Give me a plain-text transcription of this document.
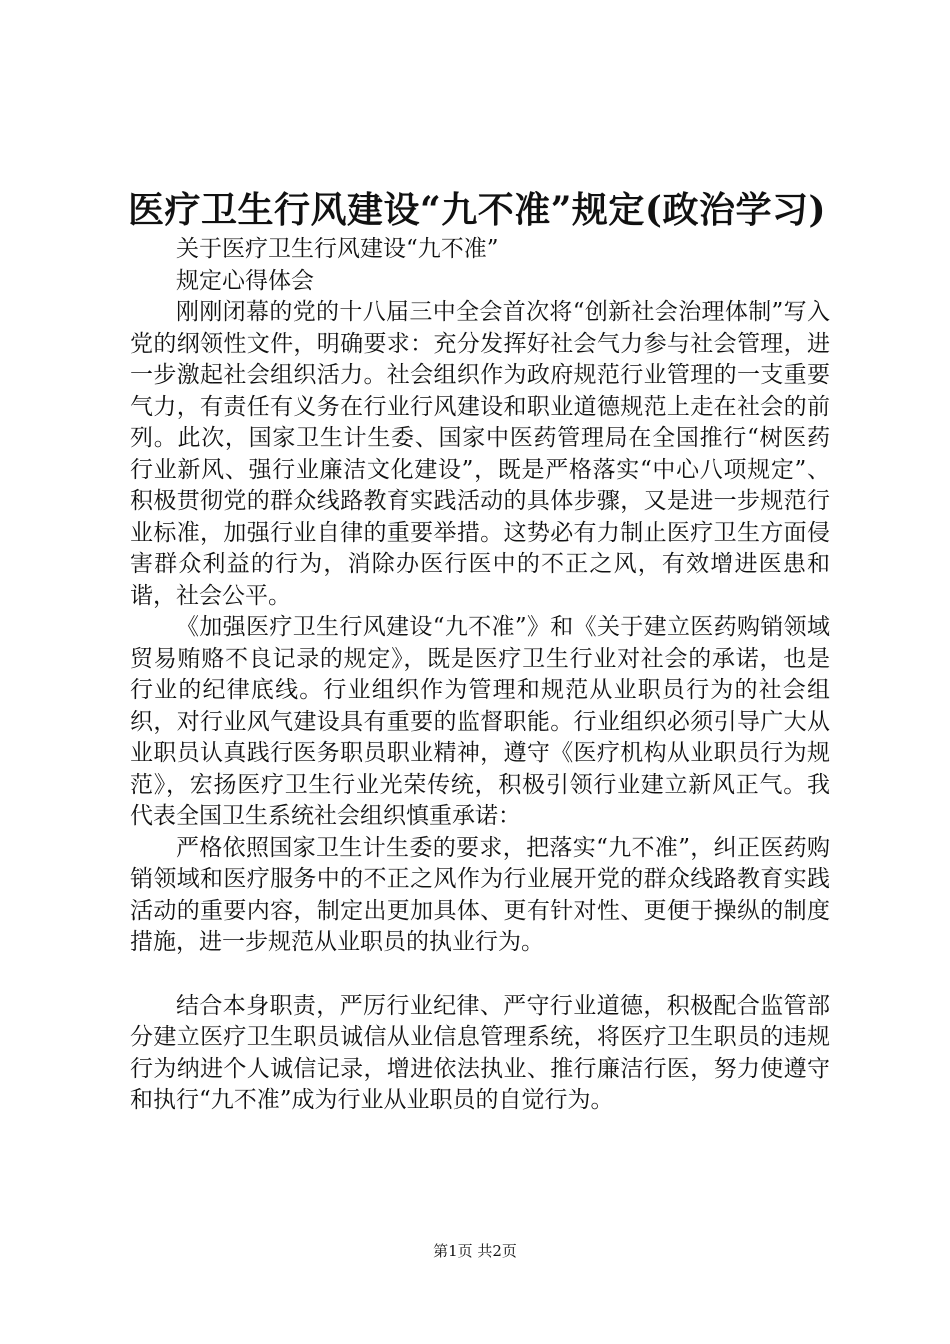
医疗卫生行风建设“九不准”规定(政治学习)

关于医疗卫生行风建设“九不准”

规定心得体会

刚刚闭幕的党的十八届三中全会首次将“创新社会治理体制”写入党的纲领性文件，明确要求：充分发挥好社会气力参与社会管理，进一步激起社会组织活力。社会组织作为政府规范行业管理的一支重要气力，有责任有义务在行业行风建设和职业道德规范上走在社会的前列。此次，国家卫生计生委、国家中医药管理局在全国推行“树医药行业新风、强行业廉洁文化建设”，既是严格落实“中心八项规定”、积极贯彻党的群众线路教育实践活动的具体步骤，又是进一步规范行业标准，加强行业自律的重要举措。这势必有力制止医疗卫生方面侵害群众利益的行为，消除办医行医中的不正之风，有效增进医患和谐，社会公平。

《加强医疗卫生行风建设“九不准”》和《关于建立医药购销领域贸易贿赂不良记录的规定》，既是医疗卫生行业对社会的承诺，也是行业的纪律底线。行业组织作为管理和规范从业职员行为的社会组织，对行业风气建设具有重要的监督职能。行业组织必须引导广大从业职员认真践行医务职员职业精神，遵守《医疗机构从业职员行为规范》，宏扬医疗卫生行业光荣传统，积极引领行业建立新风正气。我代表全国卫生系统社会组织慎重承诺：

严格依照国家卫生计生委的要求，把落实“九不准”，纠正医药购销领域和医疗服务中的不正之风作为行业展开党的群众线路教育实践活动的重要内容，制定出更加具体、更有针对性、更便于操纵的制度措施，进一步规范从业职员的执业行为。

结合本身职责，严厉行业纪律、严守行业道德，积极配合监管部分建立医疗卫生职员诚信从业信息管理系统，将医疗卫生职员的违规行为纳进个人诚信记录，增进依法执业、推行廉洁行医，努力使遵守和执行“九不准”成为行业从业职员的自觉行为。

第1页 共2页
